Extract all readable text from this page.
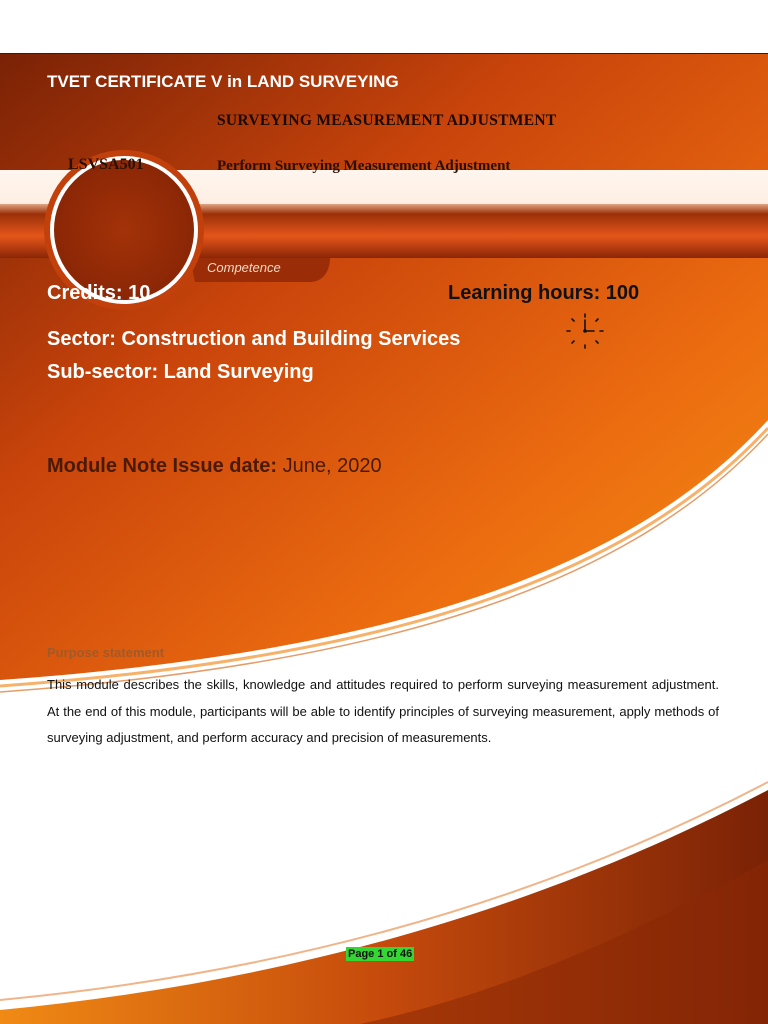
TVET CERTIFICATE V in LAND SURVEYING
SURVEYING MEASUREMENT ADJUSTMENT
LSVSA501	Perform Surveying Measurement Adjustment
Competence
Credits: 10	Learning hours: 100
Sector: Construction and Building Services
Sub-sector: Land Surveying
Module Note Issue date: June, 2020
Purpose statement
This module describes the skills, knowledge and attitudes required to perform surveying measurement adjustment. At the end of this module, participants will be able to identify principles of surveying measurement, apply methods of surveying adjustment, and perform accuracy and precision of measurements.
Page 1 of 46
